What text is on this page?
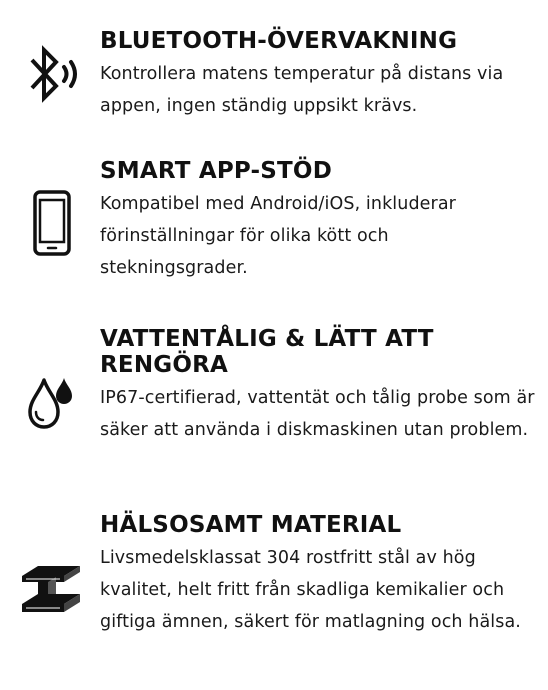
BLUETOOTH-ÖVERVAKNING

Kontrollera matens temperatur på distans via appen, ingen ständig uppsikt krävs.

SMART APP-STÖD

Kompatibel med Android/iOS, inkluderar förinställningar för olika kött och stekningsgrader.

VATTENTÅLIG & LÄTT ATT RENGÖRA

IP67-certifierad, vattentät och tålig probe som är säker att använda i diskmaskinen utan problem.

HÄLSOSAMT MATERIAL

Livsmedelsklassat 304 rostfritt stål av hög kvalitet, helt fritt från skadliga kemikalier och giftiga ämnen, säkert för matlagning och hälsa.
